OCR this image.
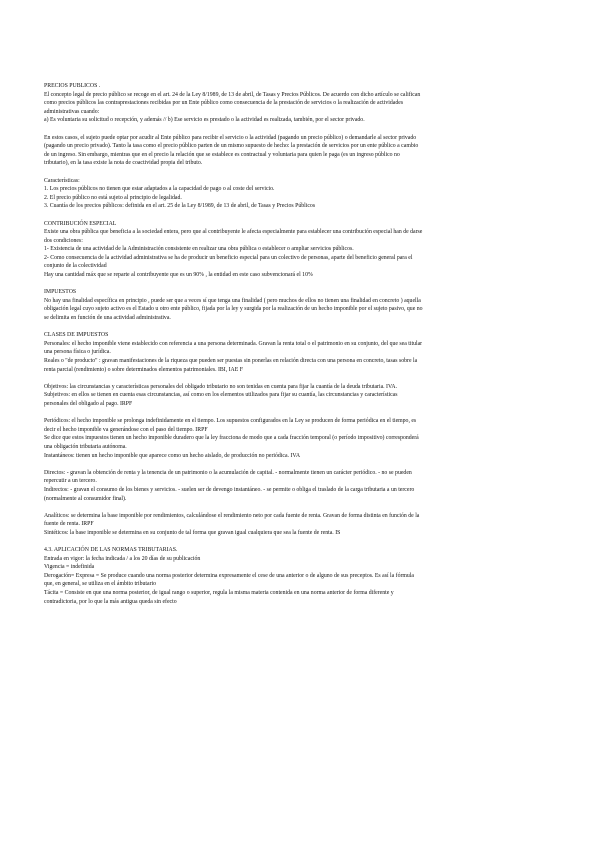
PRECIOS PUBLICOS .
El concepto legal de precio público se recoge en el art. 24 de la Ley 8/1989, de 13 de abril, de Tasas y Precios Públicos. De acuerdo con dicho artículo se califican
como precios públicos las contraprestaciones recibidas por un Ente público como consecuencia de la prestación de servicios o la realización de actividades
administrativas cuando:
a) Es voluntaria su solicitud o recepción, y además // b) Ese servicio es prestado o la actividad es realizada, también, por el sector privado.
En estos casos, el sujeto puede optar por acudir al Ente público para recibir el servicio o la actividad (pagando un precio público) o demandarle al sector privado
(pagando un precio privado). Tanto la tasa como el precio público parten de un mismo supuesto de hecho: la prestación de servicios por un ente público a cambio
de un ingreso. Sin embargo, mientras que en el precio la relación que se establece es contractual y voluntaria para quien le paga (es un ingreso público no
tributario), en la tasa existe la nota de coactividad propia del tributo.
Características:
1. Los precios públicos no tienen que estar adaptados a la capacidad de pago o al coste del servicio.
2. El precio público no está sujeto al principio de legalidad.
3. Cuantía de los precios públicos: definida en el art. 25 de la Ley 8/1989, de 13 de abril, de Tasas y Precios Públicos
CONTRIBUCIÓN ESPECIAL
Existe una obra pública que beneficia a la sociedad entera, pero que al contribuyente le afecta especialmente para establecer una contribución especial han de darse
dos condiciones:
1- Existencia de una actividad de la Administración consistente en realizar una obra pública o establecer o ampliar servicios públicos.
2- Como consecuencia de la actividad administrativa se ha de producir un beneficio especial para un colectivo de personas, aparte del beneficio general para el
conjunto de la colectividad
Hay una cantidad máx que se reparte al contribuyente que es un 90% , la entidad en este caso subvencionará el 10%
IMPUESTOS
No hay una finalidad específica en principio , puede ser que a veces sí que tenga una finalidad ( pero muchos de ellos no tienen una finalidad en concreto ) aquella
obligación legal cuyo sujeto activo es el Estado u otro ente público, fijada por la ley y surgida por la realización de un hecho imponible por el sujeto pasivo, que no
se delimita en función de una actividad administrativa.
CLASES DE IMPUESTOS
Personales: el hecho imponible viene establecido con referencia a una persona determinada. Gravan la renta total o el patrimonio en su conjunto, del que sea titular
una persona física o jurídica.
Reales o "de producto" : gravan manifestaciones de la riqueza que pueden ser puestas sin ponerlas en relación directa con una persona en concreto, tasas sobre la
renta parcial (rendimiento) o sobre determinados elementos patrimoniales. IBI, IAE F
Objetivos: las circunstancias y características personales del obligado tributario no son tenidas en cuenta para fijar la cuantía de la deuda tributaria. IVA.
Subjetivos: en ellos se tienen en cuenta esas circunstancias, así como en los elementos utilizados para fijar su cuantía, las circunstancias y características
personales del obligado al pago. IRPF
Periódicos: el hecho imponible se prolonga indefinidamente en el tiempo. Los supuestos configurados en la Ley se producen de forma periódica en el tiempo, es
decir el hecho imponible va generándose con el paso del tiempo. IRPF
Se dice que estos impuestos tienen un hecho imponible duradero que la ley fracciona de modo que a cada fracción temporal (o período impositivo) corresponderá
una obligación tributaria autónoma.
Instantáneos: tienen un hecho imponible que aparece como un hecho aislado, de producción no periódica. IVA
Directos: - gravan la obtención de renta y la tenencia de un patrimonio o la acumulación de capital. - normalmente tienen un carácter periódico. - no se pueden
repercutir a un tercero.
Indirectos: - gravan el consumo de los bienes y servicios. - suelen ser de devengo instantáneo. - se permite o obliga el traslado de la carga tributaria a un tercero
(normalmente al consumidor final).
Analíticos: se determina la base imponible por rendimientos, calculándose el rendimiento neto por cada fuente de renta. Gravan de forma distinta en función de la
fuente de renta. IRPF
Sintéticos: la base imponible se determina en su conjunto de tal forma que gravan igual cualquiera que sea la fuente de renta. IS
4.3. APLICACIÓN DE LAS NORMAS TRIBUTARIAS.
Entrada en vigor: la fecha indicada / a los 20 días de su publicación
Vigencia = indefinida
Derogación= Expresa = Se produce cuando una norma posterior determina expresamente el cese de una anterior o de alguno de sus preceptos. Es así la fórmula
que, en general, se utiliza en el ámbito tributario
Tácita = Consiste en que una norma posterior, de igual rango o superior, regula la misma materia contenida en una norma anterior de forma diferente y
contradictoria, por lo que la más antigua queda sin efecto
